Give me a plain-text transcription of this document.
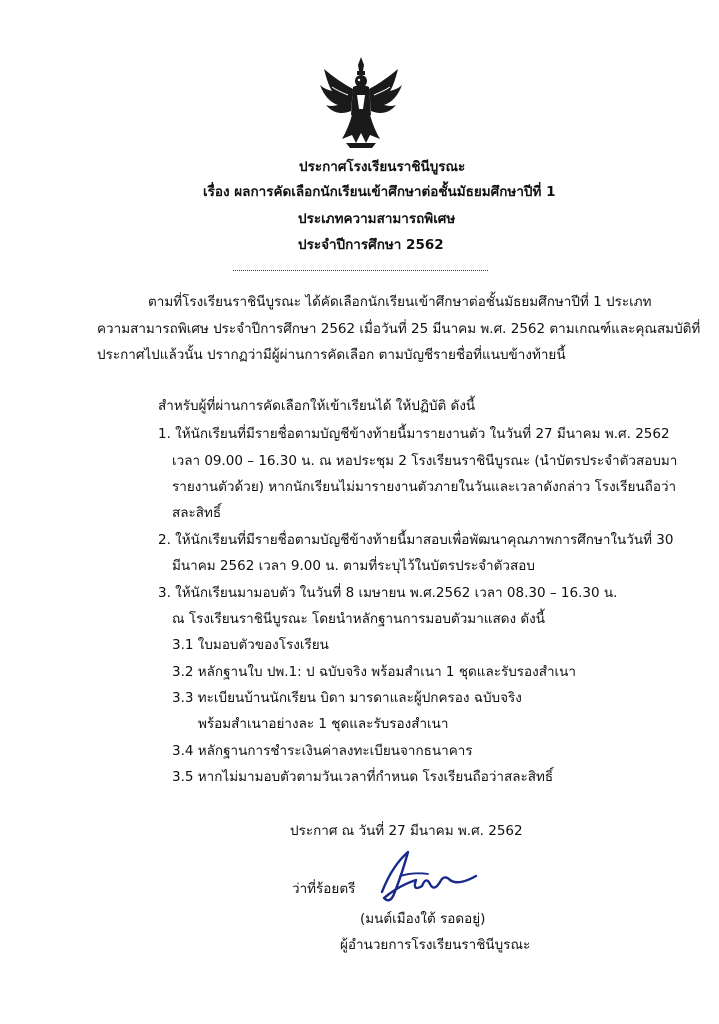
ประกาศโรงเรียนราชินีบูรณะ
เรื่อง ผลการคัดเลือกนักเรียนเข้าศึกษาต่อชั้นมัธยมศึกษาปีที่ 1
ประเภทความสามารถพิเศษ
ประจำปีการศึกษา 2562
ตามที่โรงเรียนราชินีบูรณะ ได้คัดเลือกนักเรียนเข้าศึกษาต่อชั้นมัธยมศึกษาปีที่ 1 ประเภท
ความสามารถพิเศษ ประจำปีการศึกษา 2562 เมื่อวันที่ 25 มีนาคม พ.ศ. 2562 ตามเกณฑ์และคุณสมบัติที่
ประกาศไปแล้วนั้น ปรากฏว่ามีผู้ผ่านการคัดเลือก ตามบัญชีรายชื่อที่แนบข้างท้ายนี้
สำหรับผู้ที่ผ่านการคัดเลือกให้เข้าเรียนได้ ให้ปฏิบัติ ดังนี้
1. ให้นักเรียนที่มีรายชื่อตามบัญชีข้างท้ายนี้มารายงานตัว ในวันที่ 27 มีนาคม พ.ศ. 2562
เวลา 09.00 – 16.30 น. ณ หอประชุม 2 โรงเรียนราชินีบูรณะ (นำบัตรประจำตัวสอบมา
รายงานตัวด้วย) หากนักเรียนไม่มารายงานตัวภายในวันและเวลาดังกล่าว โรงเรียนถือว่า
สละสิทธิ์
2. ให้นักเรียนที่มีรายชื่อตามบัญชีข้างท้ายนี้มาสอบเพื่อพัฒนาคุณภาพการศึกษาในวันที่ 30
มีนาคม 2562 เวลา 9.00 น. ตามที่ระบุไว้ในบัตรประจำตัวสอบ
3. ให้นักเรียนมามอบตัว ในวันที่ 8 เมษายน พ.ศ.2562 เวลา 08.30 – 16.30 น.
ณ โรงเรียนราชินีบูรณะ โดยนำหลักฐานการมอบตัวมาแสดง ดังนี้
3.1 ใบมอบตัวของโรงเรียน
3.2 หลักฐานใบ ปพ.1: ป ฉบับจริง พร้อมสำเนา 1 ชุดและรับรองสำเนา
3.3 ทะเบียนบ้านนักเรียน บิดา มารดาและผู้ปกครอง ฉบับจริง
พร้อมสำเนาอย่างละ 1 ชุดและรับรองสำเนา
3.4 หลักฐานการชำระเงินค่าลงทะเบียนจากธนาคาร
3.5 หากไม่มามอบตัวตามวันเวลาที่กำหนด โรงเรียนถือว่าสละสิทธิ์
ประกาศ ณ วันที่ 27 มีนาคม พ.ศ. 2562
ว่าที่ร้อยตรี
(มนต์เมืองใต้ รอดอยู่)
ผู้อำนวยการโรงเรียนราชินีบูรณะ
